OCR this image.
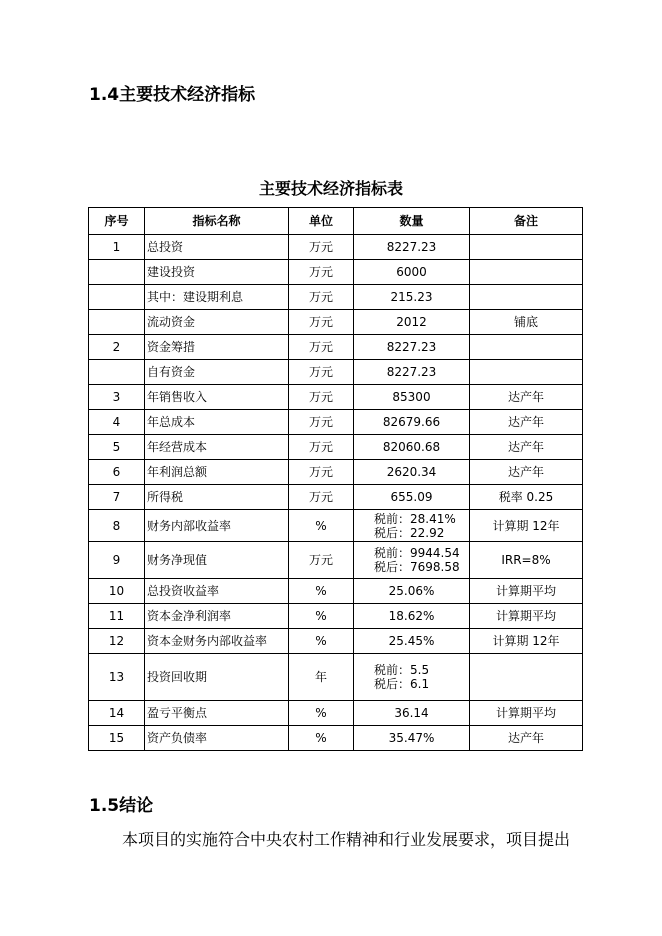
1.4主要技术经济指标
主要技术经济指标表
序号	指标名称	单位	数量	备注
1	总投资	万元	8227.23	
	建设投资	万元	6000	
	其中：建设期利息	万元	215.23	
	流动资金	万元	2012	铺底
2	资金筹措	万元	8227.23	
	自有资金	万元	8227.23	
3	年销售收入	万元	85300	达产年
4	年总成本	万元	82679.66	达产年
5	年经营成本	万元	82060.68	达产年
6	年利润总额	万元	2620.34	达产年
7	所得税	万元	655.09	税率 0.25
8	财务内部收益率	%	税前：28.41%
税后：22.92	计算期 12年
9	财务净现值	万元	税前：9944.54
税后：7698.58	IRR=8%
10	总投资收益率	%	25.06%	计算期平均
11	资本金净利润率	%	18.62%	计算期平均
12	资本金财务内部收益率	%	25.45%	计算期 12年
13	投资回收期	年	税前：5.5
税后：6.1	

14	盈亏平衡点	%	36.14	计算期平均
15	资产负债率	%	35.47%	达产年
1.5结论
本项目的实施符合中央农村工作精神和行业发展要求，项目提出
